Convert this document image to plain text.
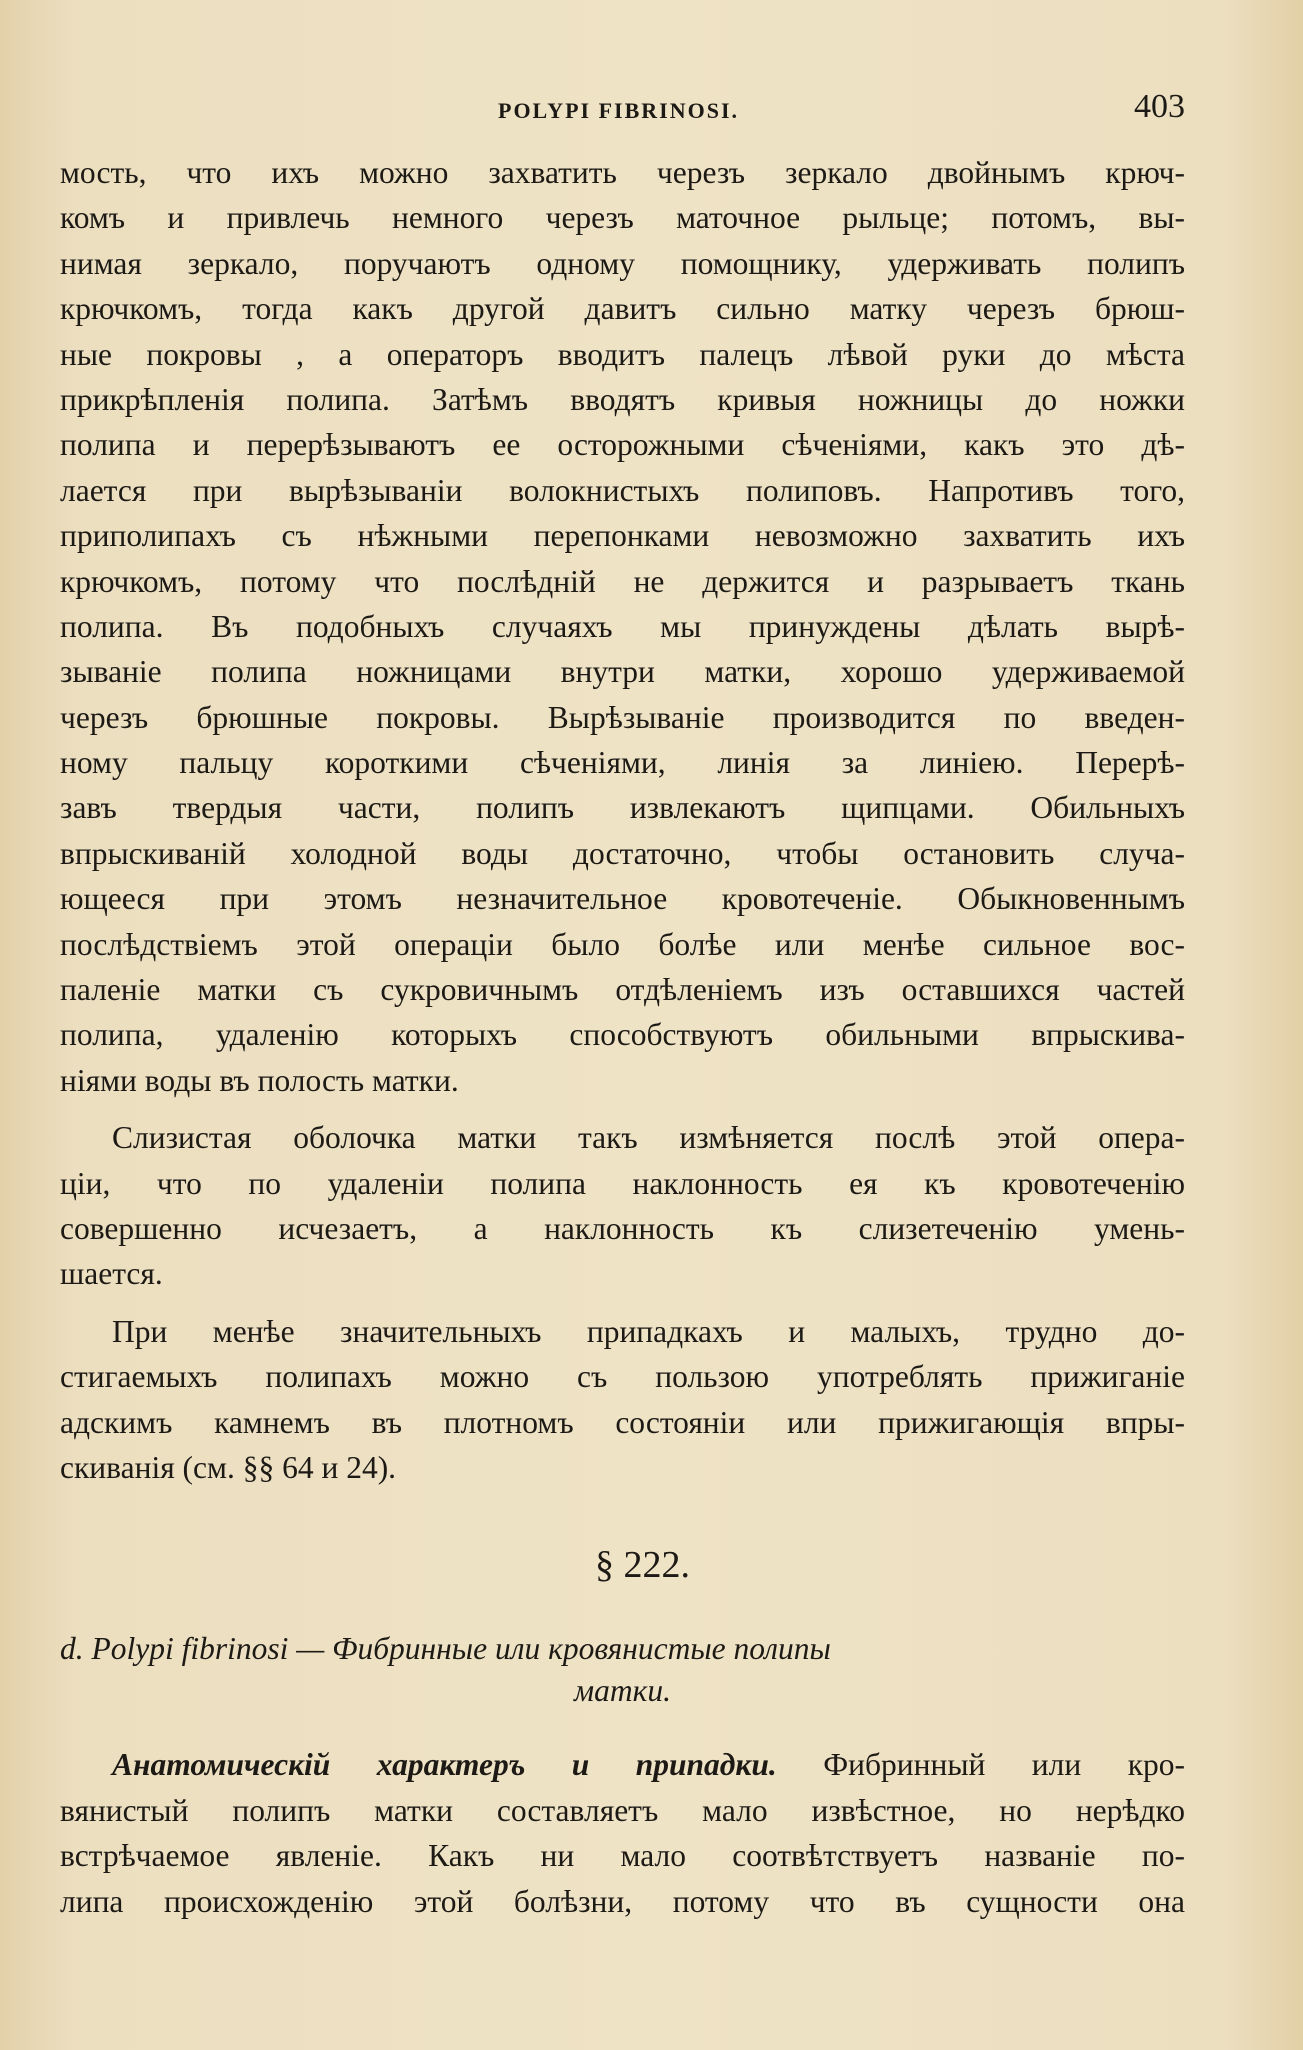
POLYPI FIBRINOSI.	403
мость, что ихъ можно захватить черезъ зеркало двойнымъ крюч-
комъ и привлечь немного черезъ маточное рыльце; потомъ, вы-
нимая зеркало, поручаютъ одному помощнику, удерживать полипъ
крючкомъ, тогда какъ другой давитъ сильно матку черезъ брюш-
ные покровы , а операторъ вводитъ палецъ лѣвой руки до мѣста
прикрѣпленія полипа. Затѣмъ вводятъ кривыя ножницы до ножки
полипа и перерѣзываютъ ее осторожными сѣченiями, какъ это дѣ-
лается при вырѣзыванiи волокнистыхъ полиповъ. Напротивъ того,
приполипахъ съ нѣжными перепонками невозможно захватить ихъ
крючкомъ, потому что послѣднiй не держится и разрываетъ ткань
полипа. Въ подобныхъ случаяхъ мы принуждены дѣлать вырѣ-
зыванiе полипа ножницами внутри матки, хорошо удерживаемой
черезъ брюшные покровы. Вырѣзыванiе производится по введен-
ному пальцу короткими сѣченiями, линiя за линiею. Перерѣ-
завъ твердыя части, полипъ извлекаютъ щипцами. Обильныхъ
впрыскиванiй холодной воды достаточно, чтобы остановить случа-
ющееся при этомъ незначительное кровотеченiе. Обыкновеннымъ
послѣдствiемъ этой операцiи было болѣе или менѣе сильное вос-
паленiе матки съ сукровичнымъ отдѣленiемъ изъ оставшихся частей
полипа, удаленiю которыхъ способствуютъ обильными впрыскива-
нiями воды въ полость матки.
Слизистая оболочка матки такъ измѣняется послѣ этой опера-
цiи, что по удаленiи полипа наклонность ея къ кровотеченiю
совершенно исчезаетъ, а наклонность къ слизетеченiю умень-
шается.
При менѣе значительныхъ припадкахъ и малыхъ, трудно до-
стигаемыхъ полипахъ можно съ пользою употреблять прижиганiе
адскимъ камнемъ въ плотномъ состоянiи или прижигающiя впры-
скиванiя (см. §§ 64 и 24).
§ 222.
d. Polypi fibrinosi — Фибринные или кровянистые полипы
матки.
Анатомическiй характеръ и припадки. Фибринный или кро-
вянистый полипъ матки составляетъ мало извѣстное, но нерѣдко
встрѣчаемое явленiе. Какъ ни мало соотвѣтствуетъ названiе по-
липа происхожденiю этой болѣзни, потому что въ сущности она
